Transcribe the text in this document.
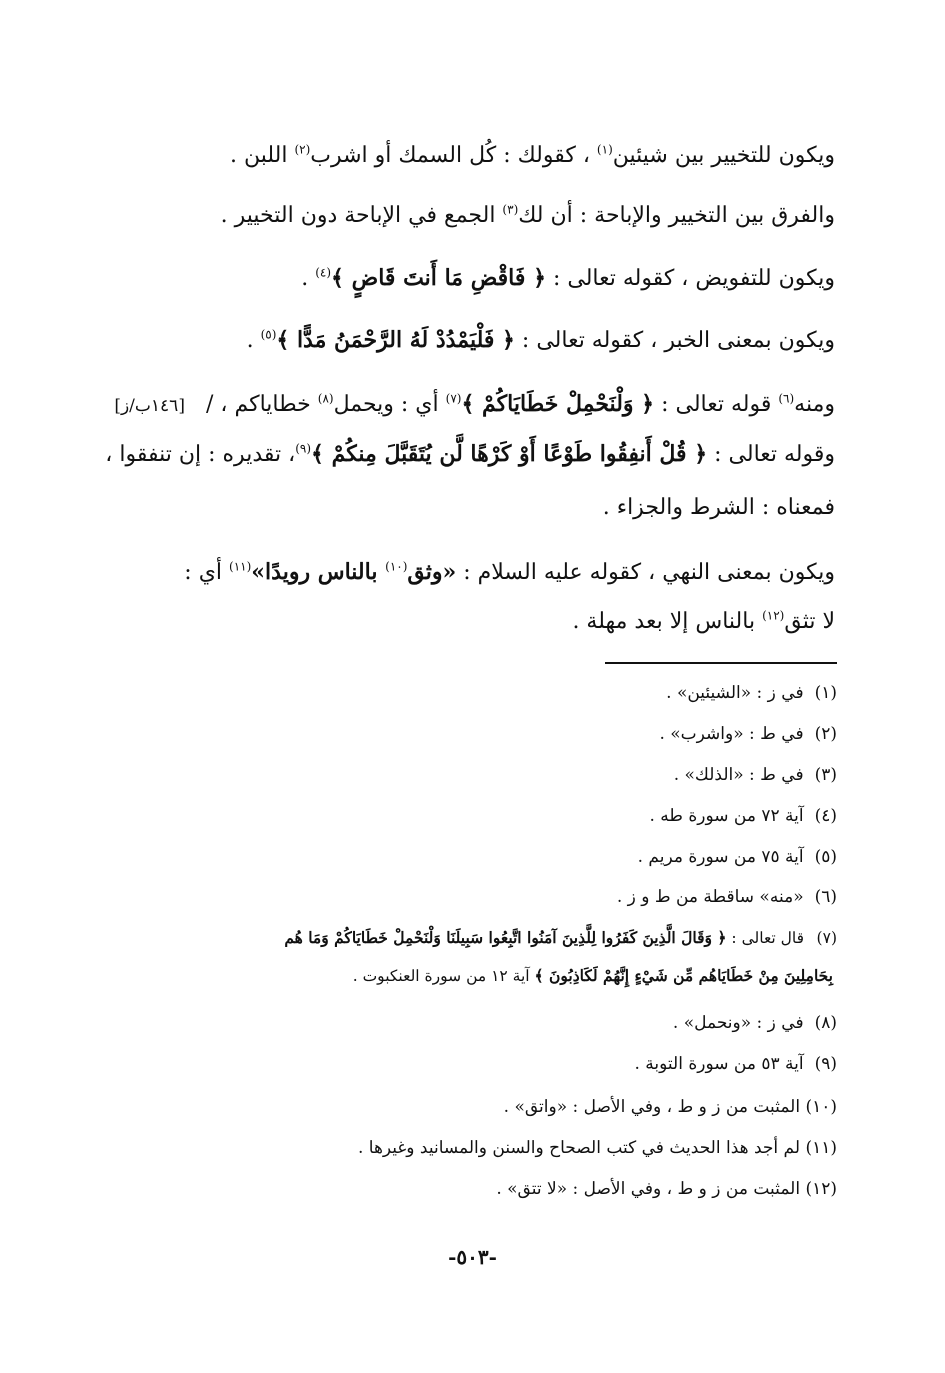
ويكون للتخيير بين شيئين$^{(١)}$ ، كقولك : كُل السمك أو اشرب$^{(٢)}$ اللبن .
والفرق بين التخيير والإباحة : أن لك$^{(٣)}$ الجمع في الإباحة دون التخيير .
ويكون للتفويض ، كقوله تعالى : ﴿ فَاقْضِ مَا أَنتَ قَاضٍ ﴾$^{(٤)}$ .
ويكون بمعنى الخبر ، كقوله تعالى : ﴿ فَلْيَمْدُدْ لَهُ الرَّحْمَنُ مَدًّا ﴾$^{(٥)}$ .
ومنه$^{(٦)}$ قوله تعالى : ﴿ وَلْنَحْمِلْ خَطَايَاكُمْ ﴾$^{(٧)}$ أي : ويحمل$^{(٨)}$ خطاياكم ، / [١٤٦ب/ز]
وقوله تعالى : ﴿ قُلْ أَنفِقُوا طَوْعًا أَوْ كَرْهًا لَّن يُتَقَبَّلَ مِنكُمْ ﴾$^{(٩)}$، تقديره : إن تنفقوا ،
فمعناه : الشرط والجزاء .
ويكون بمعنى النهي ، كقوله عليه السلام : «وثق$^{(١٠)}$ بالناس رويدًا»$^{(١١)}$ أي :
لا تثق$^{(١٢)}$ بالناس إلا بعد مهلة .
(١) في ز : «الشيئين» .
(٢) في ط : «واشرب» .
(٣) في ط : «الذلك» .
(٤) آية ٧٢ من سورة طه .
(٥) آية ٧٥ من سورة مريم .
(٦) «منه» ساقطة من ط و ز .
(٧) قال تعالى : ﴿ وَقَالَ الَّذِينَ كَفَرُوا لِلَّذِينَ آمَنُوا اتَّبِعُوا سَبِيلَنَا وَلْنَحْمِلْ خَطَايَاكُمْ وَمَا هُم
بِحَامِلِينَ مِنْ خَطَايَاهُم مِّن شَيْءٍ إِنَّهُمْ لَكَاذِبُونَ ﴾ آية ١٢ من سورة العنكبوت .
(٨) في ز : «ونحمل» .
(٩) آية ٥٣ من سورة التوبة .
(١٠) المثبت من ز و ط ، وفي الأصل : «واتق» .
(١١) لم أجد هذا الحديث في كتب الصحاح والسنن والمسانيد وغيرها .
(١٢) المثبت من ز و ط ، وفي الأصل : «لا تتق» .
-٥٠٣-
